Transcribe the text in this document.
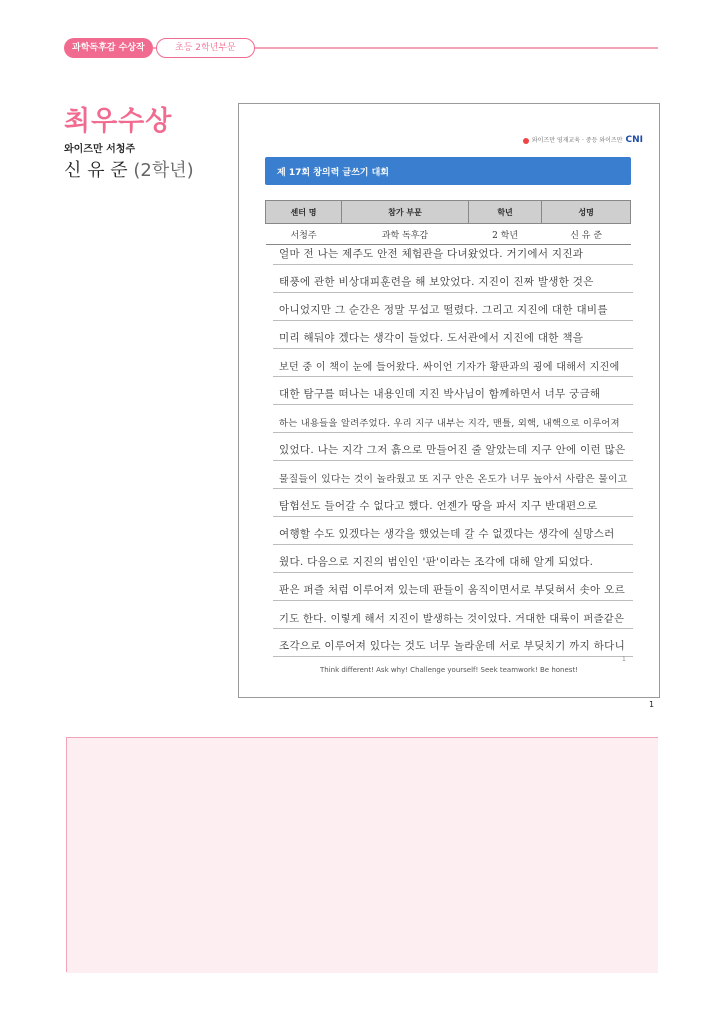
과학독후감 수상작	초등 2학년부문
최우수상
와이즈만 서청주
신 유 준 (2학년)
와이즈만 영재교육 · 중등 와이즈만 CNI
제 17회 창의력 글쓰기 대회
센터 명	참가 부문	학년	성명
서청주	과학 독후감	2 학년	신 유 준
얼마 전 나는 제주도 안전 체험관을 다녀왔었다. 거기에서 지진과
태풍에 관한 비상대피훈련을 해 보았었다. 지진이 진짜 발생한 것은
아니었지만 그 순간은 정말 무섭고 떨렸다. 그리고 지진에 대한 대비를
미리 해둬야 겠다는 생각이 들었다. 도서관에서 지진에 대한 책을
보던 중 이 책이 눈에 들어왔다. 싸이언 기자가 황판과의 굉에 대해서 지진에
대한 탐구를 떠나는 내용인데 지진 박사님이 함께하면서 너무 궁금해
하는 내용들을 알려주었다. 우리 지구 내부는 지각, 맨틀, 외핵, 내핵으로 이루어져
있었다. 나는 지각 그저 흙으로 만들어진 줄 알았는데 지구 안에 이런 많은
물질들이 있다는 것이 놀라웠고 또 지구 안은 온도가 너무 높아서 사람은 물이고
탐험선도 들어갈 수 없다고 했다. 언젠가 땅을 파서 지구 반대편으로
여행할 수도 있겠다는 생각을 했었는데 갈 수 없겠다는 생각에 실망스러
웠다. 다음으로 지진의 범인인 '판'이라는 조각에 대해 알게 되었다.
판은 퍼즐 처럼 이루어져 있는데 판들이 움직이면서로 부딪혀서 솟아 오르
기도 한다. 이렇게 해서 지진이 발생하는 것이었다. 거대한 대륙이 퍼즐같은
조각으로 이루어져 있다는 것도 너무 놀라운데 서로 부딪치기 까지 하다니
1
Think different! Ask why! Challenge yourself! Seek teamwork! Be honest!
1
